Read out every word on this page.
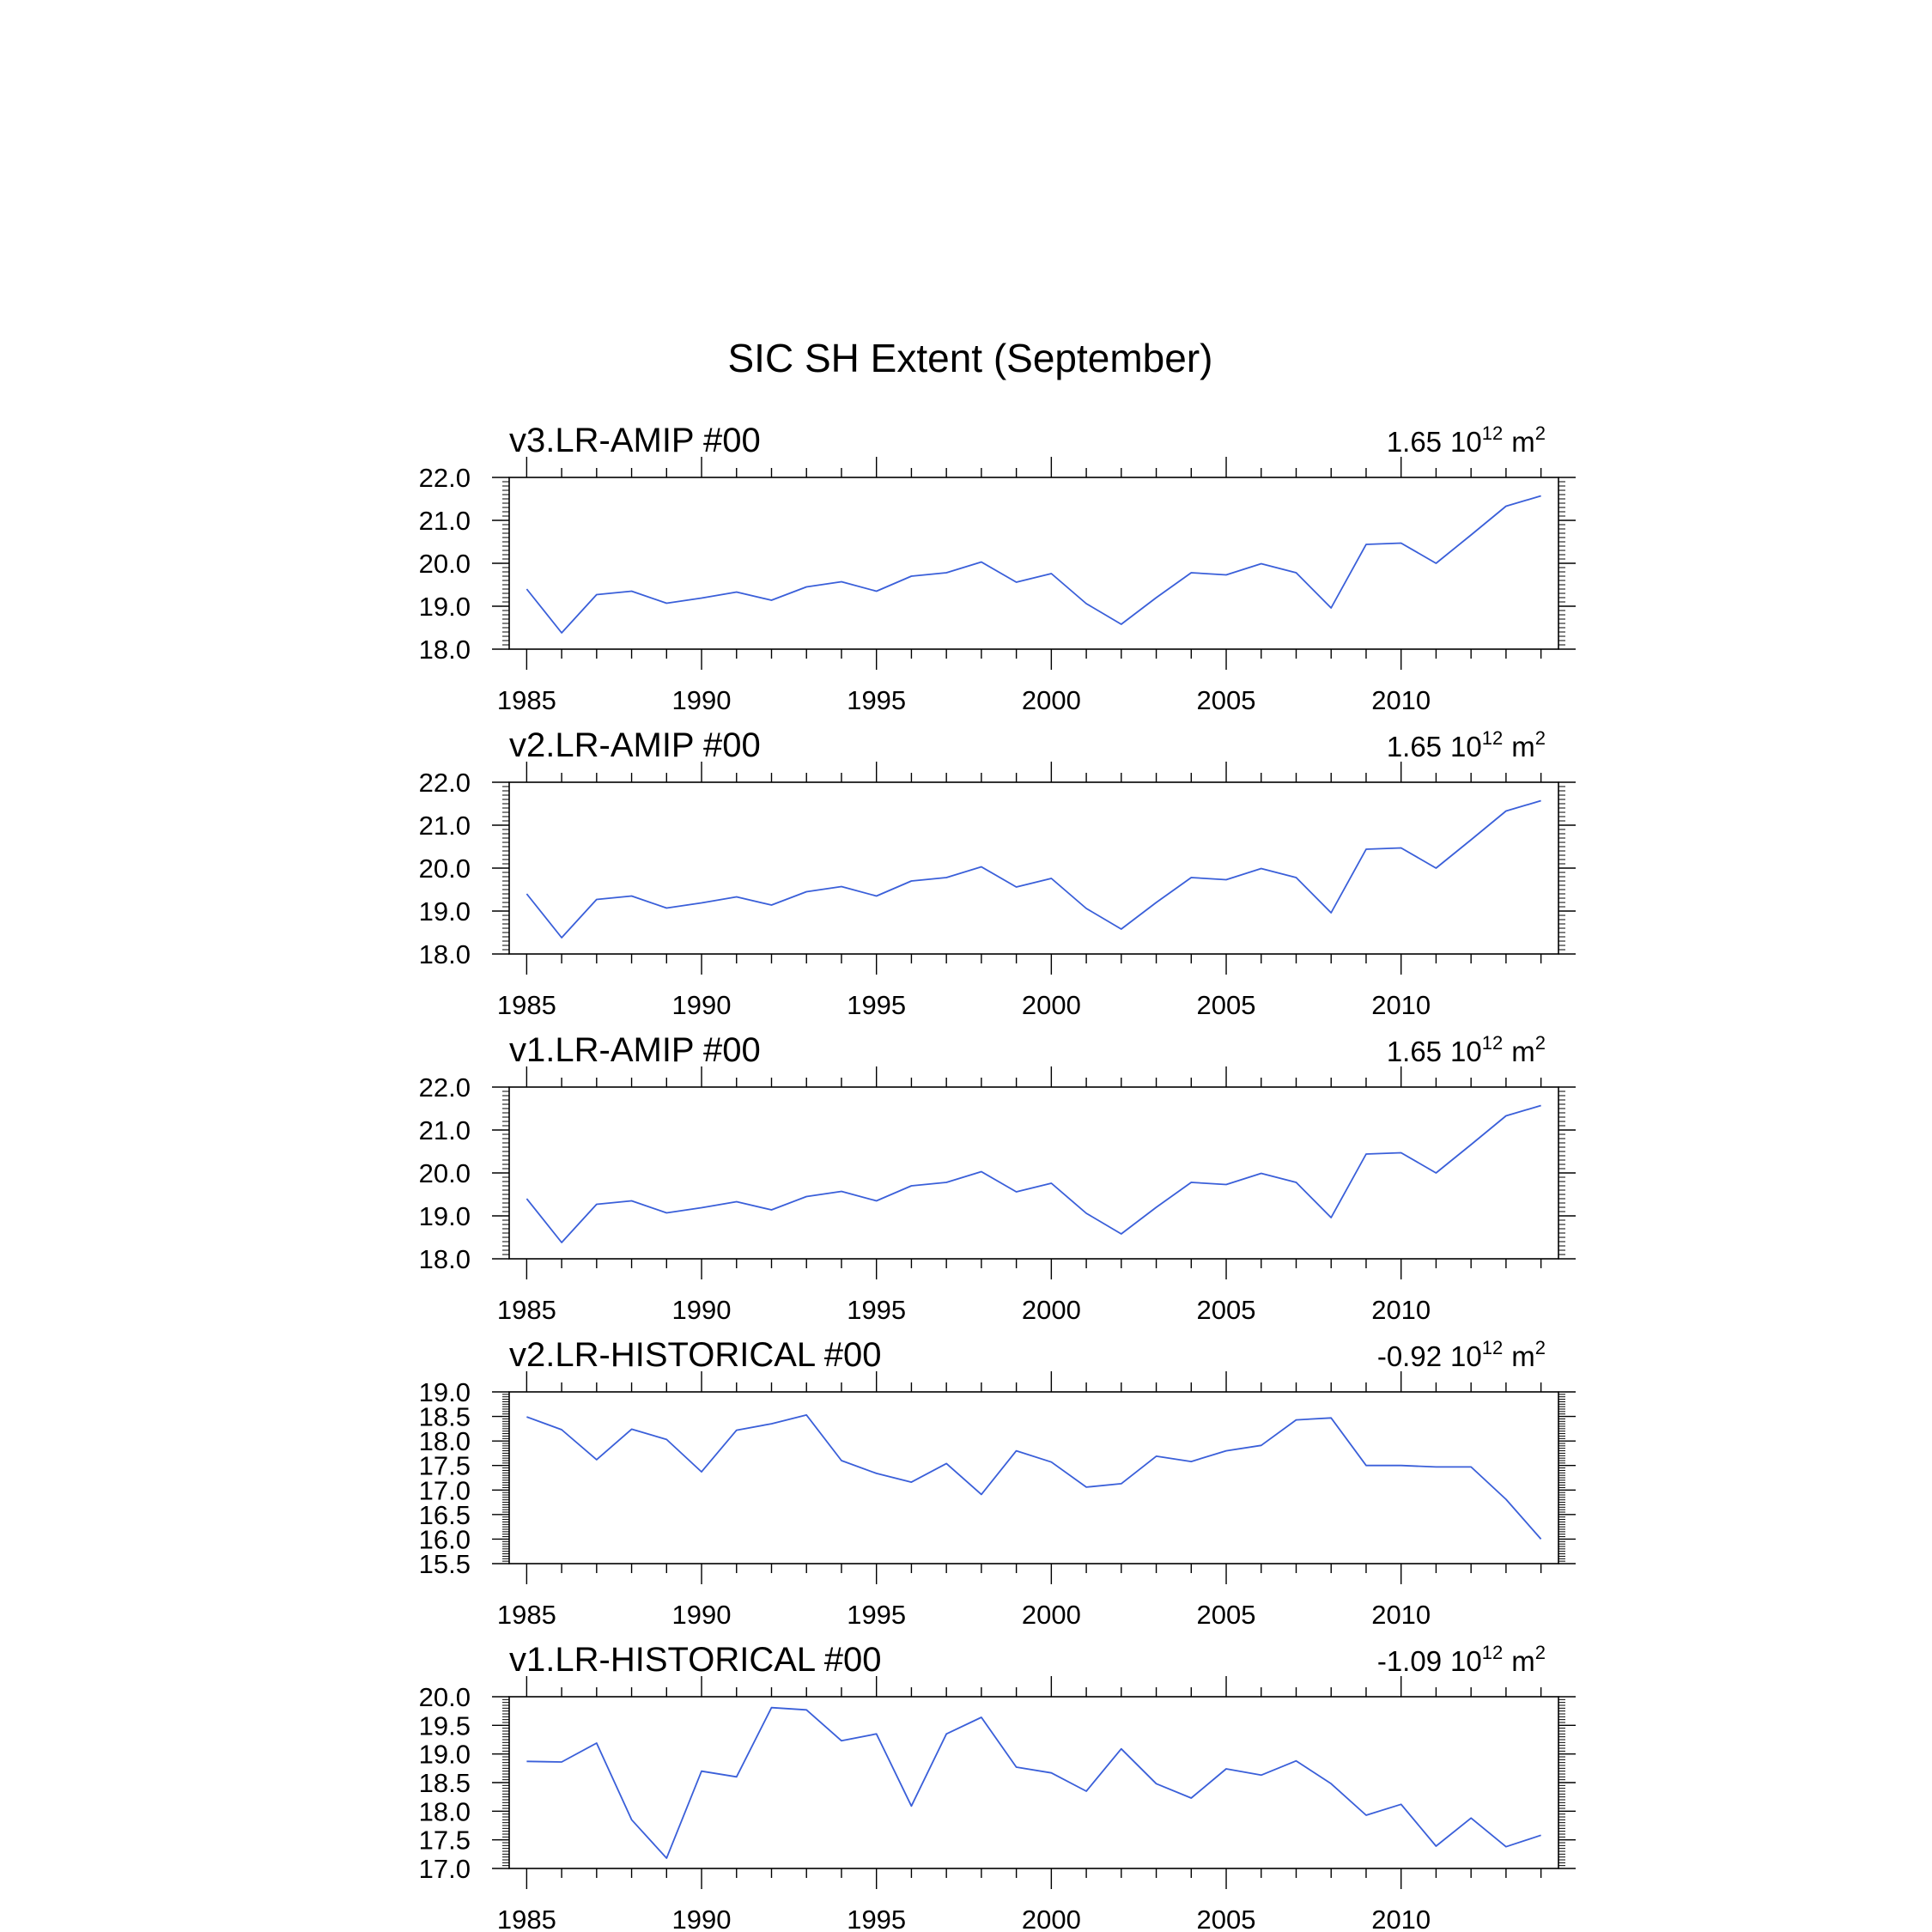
SIC SH Extent (September)
v3.LR-AMIP #00	1.65 $10^{12}$ $m^2$
1985	1990	1995	2000	2005	2010
18.0
19.0
20.0
21.0
22.0
v2.LR-AMIP #00	1.65 $10^{12}$ $m^2$
1985	1990	1995	2000	2005	2010
18.0
19.0
20.0
21.0
22.0
v1.LR-AMIP #00	1.65 $10^{12}$ $m^2$
1985	1990	1995	2000	2005	2010
18.0
19.0
20.0
21.0
22.0
v2.LR-HISTORICAL #00	-0.92 $10^{12}$ $m^2$
1985	1990	1995	2000	2005	2010
15.5
16.0
16.5
17.0
17.5
18.0
18.5
19.0
v1.LR-HISTORICAL #00	-1.09 $10^{12}$ $m^2$
1985	1990	1995	2000	2005	2010
17.0
17.5
18.0
18.5
19.0
19.5
20.0
